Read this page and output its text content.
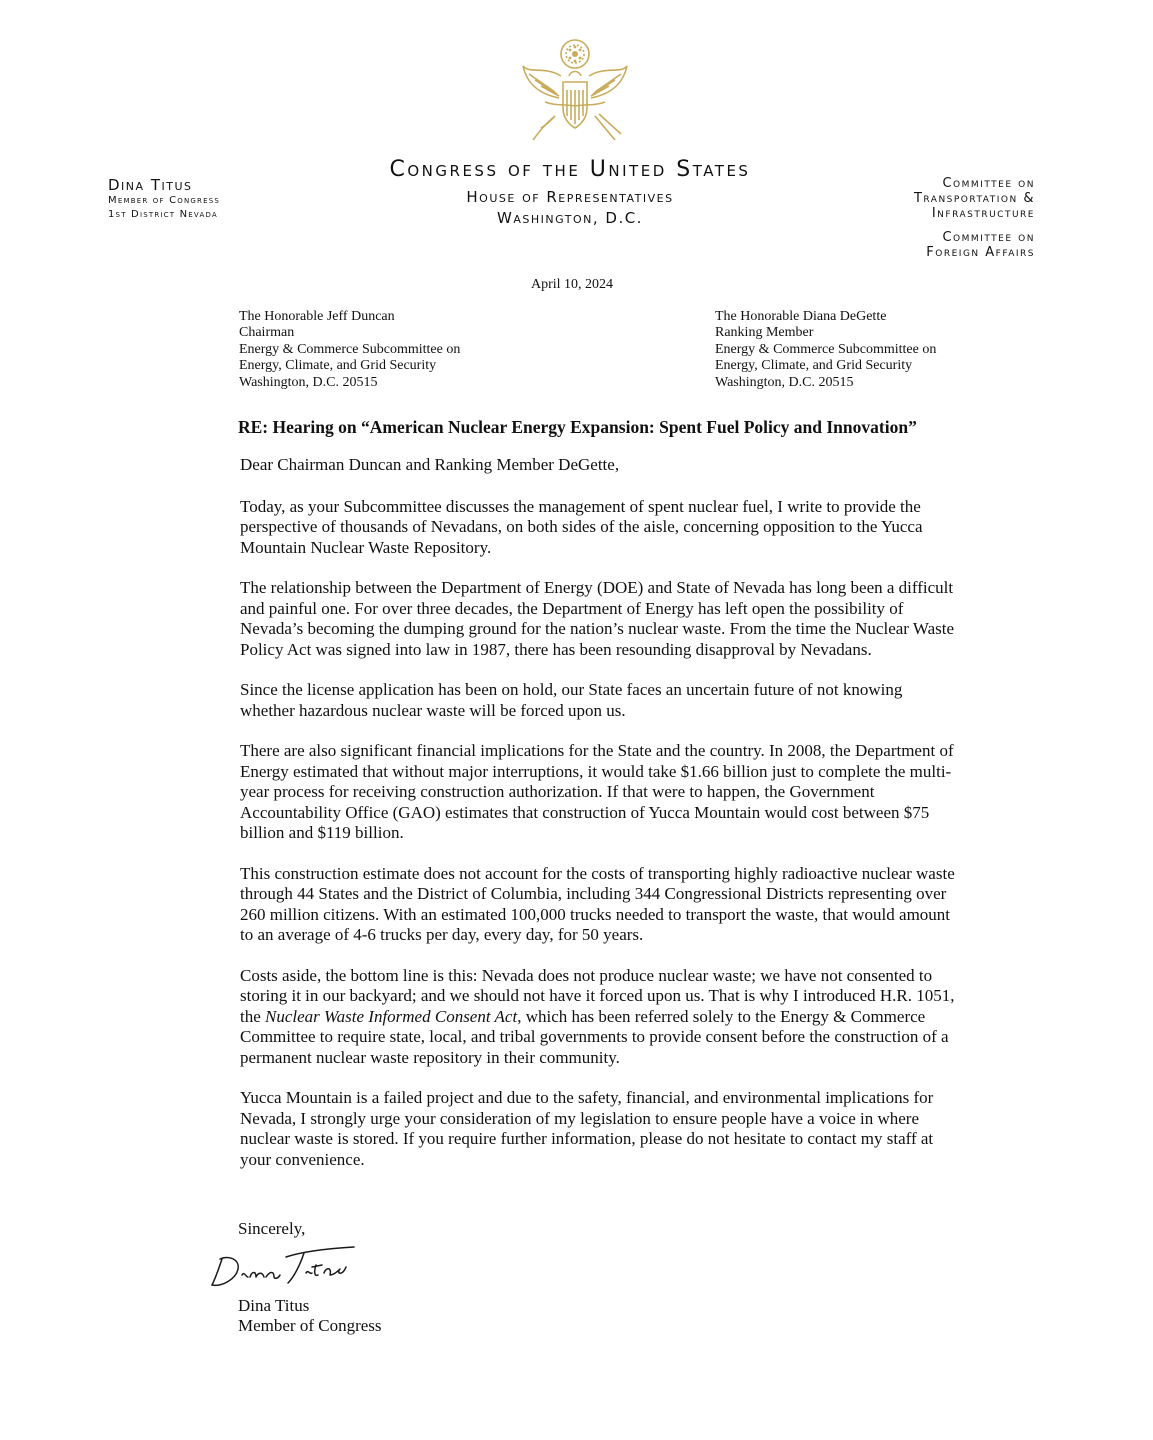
Dina Titus
Member of Congress
1st District Nevada
Congress of the United States
House of Representatives
Washington, D.C.
Committee on
Transportation &
Infrastructure
Committee on
Foreign Affairs
April 10, 2024
The Honorable Jeff Duncan
Chairman
Energy & Commerce Subcommittee on
Energy, Climate, and Grid Security
Washington, D.C. 20515
The Honorable Diana DeGette
Ranking Member
Energy & Commerce Subcommittee on
Energy, Climate, and Grid Security
Washington, D.C. 20515
RE: Hearing on “American Nuclear Energy Expansion: Spent Fuel Policy and Innovation”

Dear Chairman Duncan and Ranking Member DeGette,

Today, as your Subcommittee discusses the management of spent nuclear fuel, I write to provide the perspective of thousands of Nevadans, on both sides of the aisle, concerning opposition to the Yucca Mountain Nuclear Waste Repository.

The relationship between the Department of Energy (DOE) and State of Nevada has long been a difficult and painful one. For over three decades, the Department of Energy has left open the possibility of Nevada’s becoming the dumping ground for the nation’s nuclear waste. From the time the Nuclear Waste Policy Act was signed into law in 1987, there has been resounding disapproval by Nevadans.

Since the license application has been on hold, our State faces an uncertain future of not knowing whether hazardous nuclear waste will be forced upon us.

There are also significant financial implications for the State and the country. In 2008, the Department of Energy estimated that without major interruptions, it would take $1.66 billion just to complete the multi-year process for receiving construction authorization. If that were to happen, the Government Accountability Office (GAO) estimates that construction of Yucca Mountain would cost between $75 billion and $119 billion.

This construction estimate does not account for the costs of transporting highly radioactive nuclear waste through 44 States and the District of Columbia, including 344 Congressional Districts representing over 260 million citizens. With an estimated 100,000 trucks needed to transport the waste, that would amount to an average of 4-6 trucks per day, every day, for 50 years.

Costs aside, the bottom line is this: Nevada does not produce nuclear waste; we have not consented to storing it in our backyard; and we should not have it forced upon us. That is why I introduced H.R. 1051, the Nuclear Waste Informed Consent Act, which has been referred solely to the Energy & Commerce Committee to require state, local, and tribal governments to provide consent before the construction of a permanent nuclear waste repository in their community.

Yucca Mountain is a failed project and due to the safety, financial, and environmental implications for Nevada, I strongly urge your consideration of my legislation to ensure people have a voice in where nuclear waste is stored. If you require further information, please do not hesitate to contact my staff at your convenience.

Sincerely,
Dina Titus
Member of Congress
